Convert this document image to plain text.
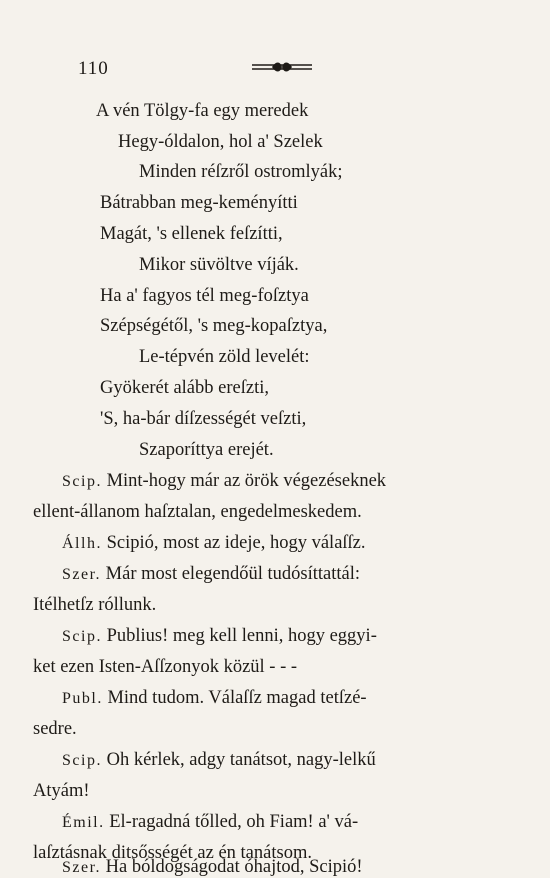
110
A vén Tölgy-fa egy meredek
Hegy-óldalon, hol a' Szelek
Minden réſzről ostromlyák;
Bátrabban meg-keményítti
Magát, 's ellenek feſzítti,
Mikor süvöltve víják.
Ha a' fagyos tél meg-foſztya
Szépségétől, 's meg-kopaſztya,
Le-tépvén zöld levelét:
Gyökerét alább ereſzti,
'S, ha-bár díſzességét veſzti,
Szaporíttya erejét.
Scip. Mint-hogy már az örök végezéseknek
ellent-állanom haſztalan, engedelmeskedem.
Állh. Scipió, most az ideje, hogy válaſſz.
Szer. Már most elegendőül tudósíttattál:
Itélhetſz róllunk.
Scip. Publius! meg kell lenni, hogy eggyi-
ket ezen Isten-Aſſzonyok közül - - -
Publ. Mind tudom. Válaſſz magad tetſzé-
sedre.
Scip. Oh kérlek, adgy tanátsot, nagy-lelkű
Atyám!
Émil. El-ragadná tőlled, oh Fiam! a' vá-
laſztásnak ditsősségét az én tanátsom.
Szer. Ha bóldogságodat óhajtod, Scipió!
